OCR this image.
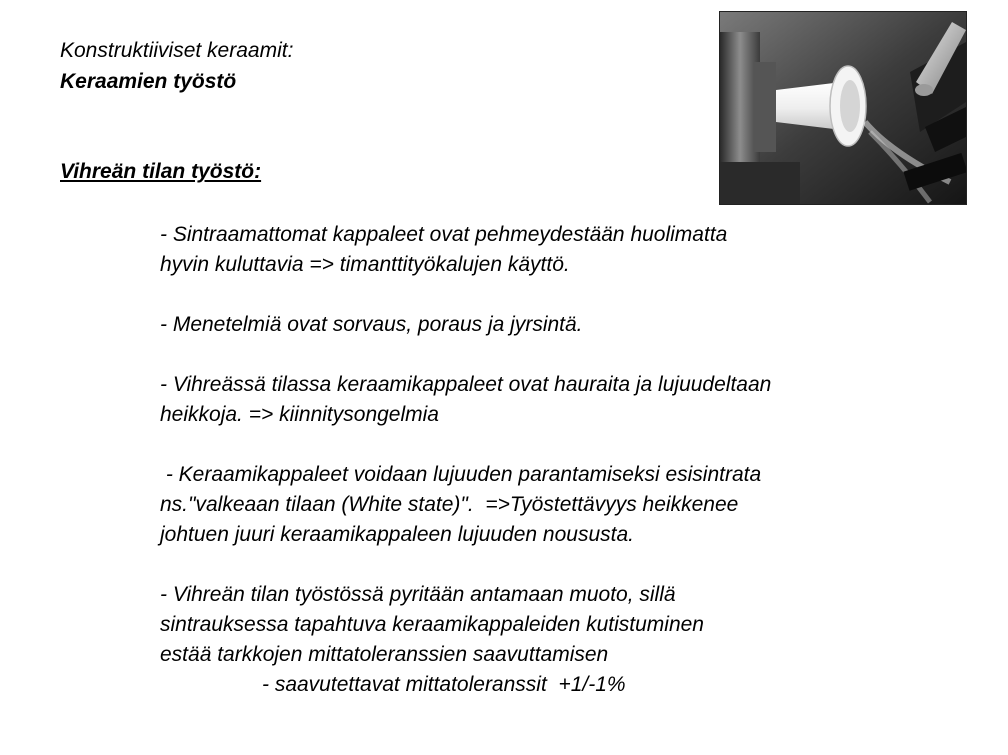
Konstruktiiviset keraamit:
Keraamien työstö
Vihreän tilan työstö:
- Sintraamattomat kappaleet ovat pehmeydestään huolimatta
hyvin kuluttavia => timanttityökalujen käyttö.
- Menetelmiä ovat sorvaus, poraus ja jyrsintä.
- Vihreässä tilassa keraamikappaleet ovat hauraita ja lujuudeltaan
heikkoja. => kiinnitysongelmia
- Keraamikappaleet voidaan lujuuden parantamiseksi esisintrata
ns."valkeaan tilaan (White state)".  =>Työstettävyys heikkenee
johtuen juuri keraamikappaleen lujuuden noususta.
- Vihreän tilan työstössä pyritään antamaan muoto, sillä
sintrauksessa tapahtuva keraamikappaleiden kutistuminen
estää tarkkojen mittatoleranssien saavuttamisen
- saavutettavat mittatoleranssit  +1/-1%
